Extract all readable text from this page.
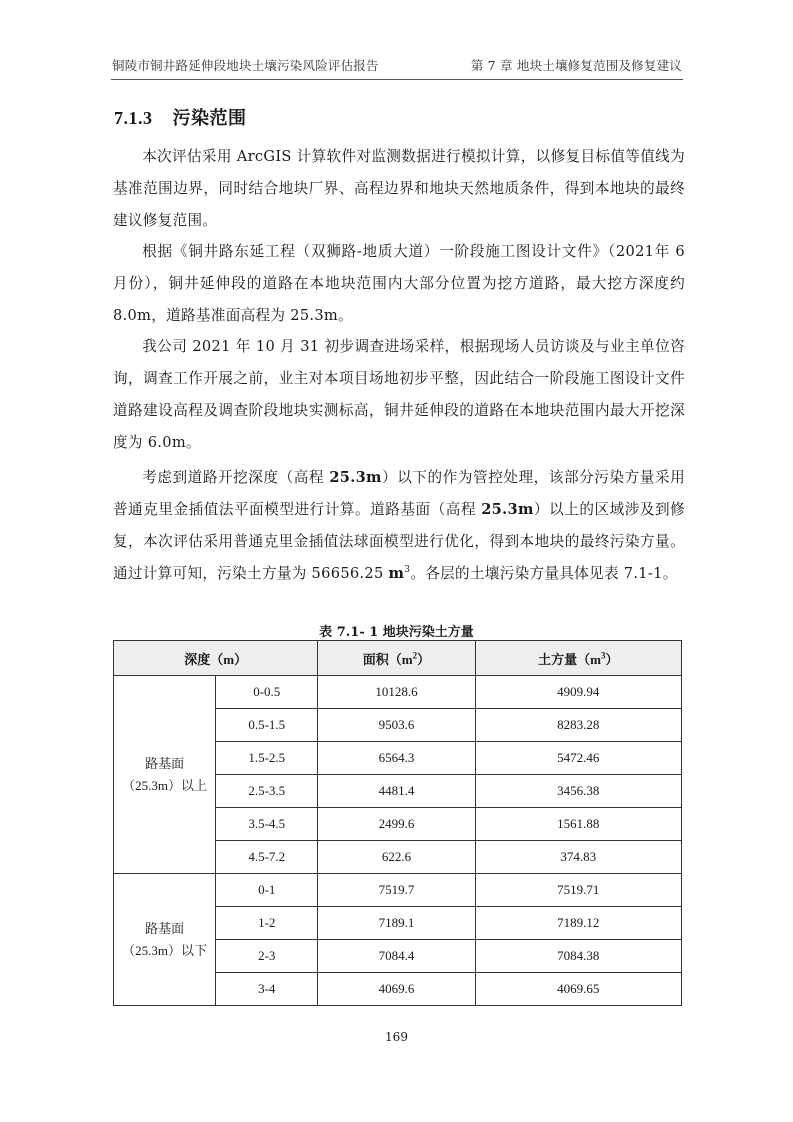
铜陵市铜井路延伸段地块土壤污染风险评估报告	第 7 章 地块土壤修复范围及修复建议
7.1.3 污染范围

本次评估采用 ArcGIS 计算软件对监测数据进行模拟计算，以修复目标值等值线为基准范围边界，同时结合地块厂界、高程边界和地块天然地质条件，得到本地块的最终建议修复范围。

根据《铜井路东延工程（双狮路-地质大道）一阶段施工图设计文件》（2021年 6 月份），铜井延伸段的道路在本地块范围内大部分位置为挖方道路，最大挖方深度约 8.0m，道路基准面高程为 25.3m。

我公司 2021 年 10 月 31 初步调查进场采样，根据现场人员访谈及与业主单位咨询，调查工作开展之前，业主对本项目场地初步平整，因此结合一阶段施工图设计文件道路建设高程及调查阶段地块实测标高，铜井延伸段的道路在本地块范围内最大开挖深度为 6.0m。

考虑到道路开挖深度（高程 25.3m）以下的作为管控处理，该部分污染方量采用普通克里金插值法平面模型进行计算。道路基面（高程 25.3m）以上的区域涉及到修复，本次评估采用普通克里金插值法球面模型进行优化，得到本地块的最终污染方量。通过计算可知，污染土方量为 56656.25 $m^3$。各层的土壤污染方量具体见表 7.1-1。

表 7.1- 1 地块污染土方量
深度（m）		面积$(m^2)$	土方量$(m^3)$

路基面
（25.3m）以上	0-0.5	10128.6	4909.94
	0.5-1.5	9503.6	8283.28
	1.5-2.5	6564.3	5472.46
	2.5-3.5	4481.4	3456.38
	3.5-4.5	2499.6	1561.88
	4.5-7.2	622.6	374.83

路基面
（25.3m）以下	0-1	7519.7	7519.71
	1-2	7189.1	7189.12
	2-3	7084.4	7084.38
	3-4	4069.6	4069.65
169
